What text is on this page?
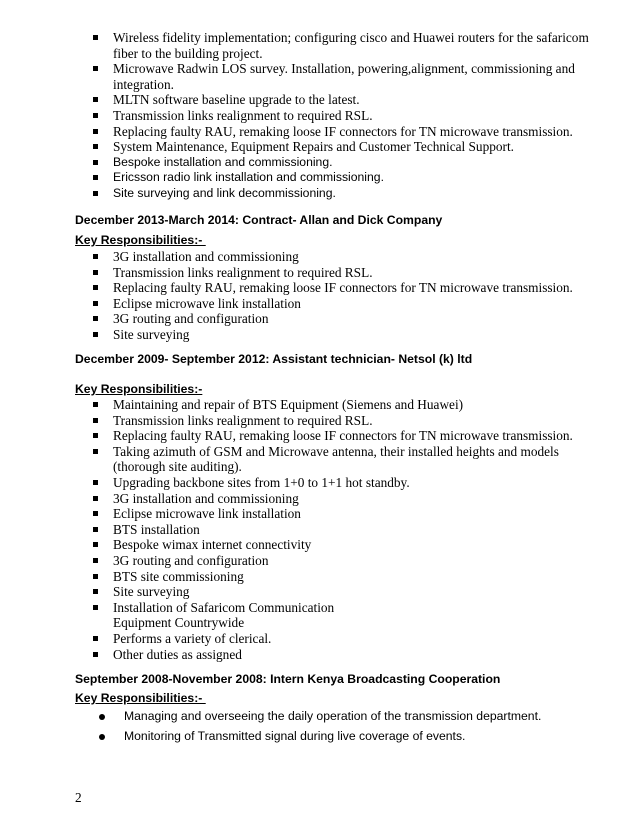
Wireless fidelity implementation; configuring cisco and Huawei routers for the safaricom fiber to the building project.
Microwave Radwin LOS survey. Installation, powering,alignment, commissioning and integration.
MLTN software baseline upgrade to the latest.
Transmission links realignment to required RSL.
Replacing faulty RAU, remaking loose IF connectors for TN microwave transmission.
System Maintenance, Equipment Repairs and Customer Technical Support.
Bespoke installation and commissioning.
Ericsson radio link installation and commissioning.
Site surveying and link decommissioning.
December 2013-March 2014: Contract- Allan and Dick Company
Key Responsibilities:-
3G installation and commissioning
Transmission links realignment to required RSL.
Replacing faulty RAU, remaking loose IF connectors for TN microwave transmission.
Eclipse microwave link installation
3G routing and configuration
Site surveying
December 2009- September 2012: Assistant technician- Netsol (k) ltd
Key Responsibilities:-
Maintaining and repair of BTS Equipment (Siemens and Huawei)
Transmission links realignment to required RSL.
Replacing faulty RAU, remaking loose IF connectors for TN microwave transmission.
Taking azimuth of GSM and Microwave antenna, their installed heights and models (thorough site auditing).
Upgrading backbone sites from 1+0 to 1+1 hot standby.
3G installation and commissioning
Eclipse microwave link installation
BTS installation
Bespoke wimax internet connectivity
3G routing and configuration
BTS site commissioning
Site surveying
Installation of Safaricom Communication Equipment Countrywide
Performs a variety of clerical.
Other duties as assigned
September 2008-November 2008: Intern Kenya Broadcasting Cooperation
Key Responsibilities:-
Managing and overseeing the daily operation of the transmission department.
Monitoring of Transmitted signal during live coverage of events.
2
